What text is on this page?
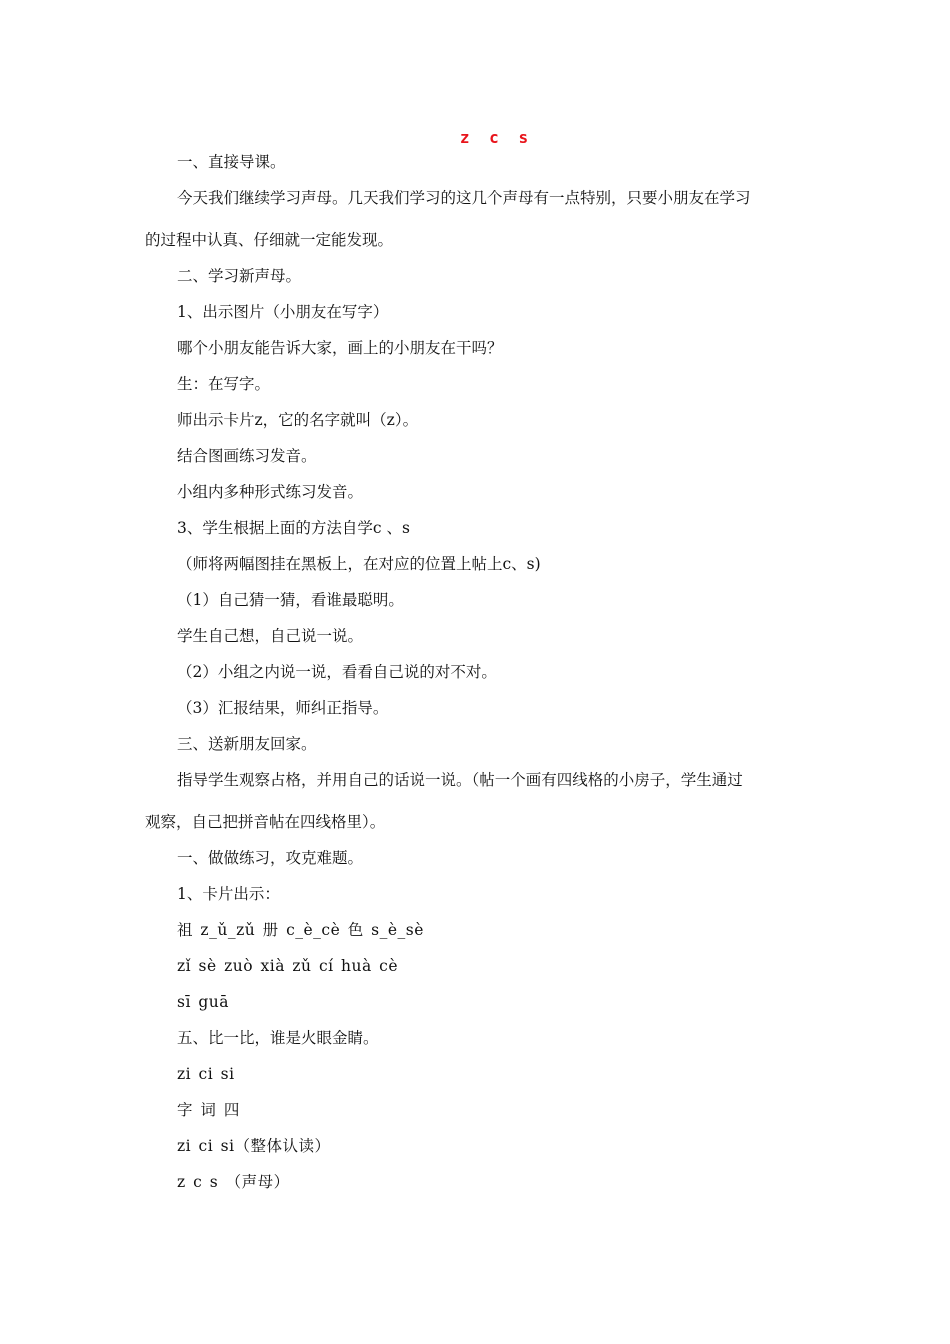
z c s
一、直接导课。
今天我们继续学习声母。几天我们学习的这几个声母有一点特别，只要小朋友在学习
的过程中认真、仔细就一定能发现。
二、学习新声母。
1、出示图片（小朋友在写字）
哪个小朋友能告诉大家，画上的小朋友在干吗？
生：在写字。
师出示卡片z，它的名字就叫（z）。
结合图画练习发音。
小组内多种形式练习发音。
3、学生根据上面的方法自学c 、s
（师将两幅图挂在黑板上，在对应的位置上帖上c、s)
（1）自己猜一猜，看谁最聪明。
学生自己想，自己说一说。
（2）小组之内说一说，看看自己说的对不对。
（3）汇报结果，师纠正指导。
三、送新朋友回家。
指导学生观察占格，并用自己的话说一说。（帖一个画有四线格的小房子，学生通过
观察，自己把拼音帖在四线格里）。
一、做做练习，攻克难题。
1、卡片出示：
祖 z_ǔ_zǔ 册 c_è_cè 色 s_è_sè
zǐ sè zuò xià zǔ cí huà cè
sī guā
五、比一比，谁是火眼金睛。
zi ci si
字 词 四
zi ci si（整体认读）
z c s （声母）
